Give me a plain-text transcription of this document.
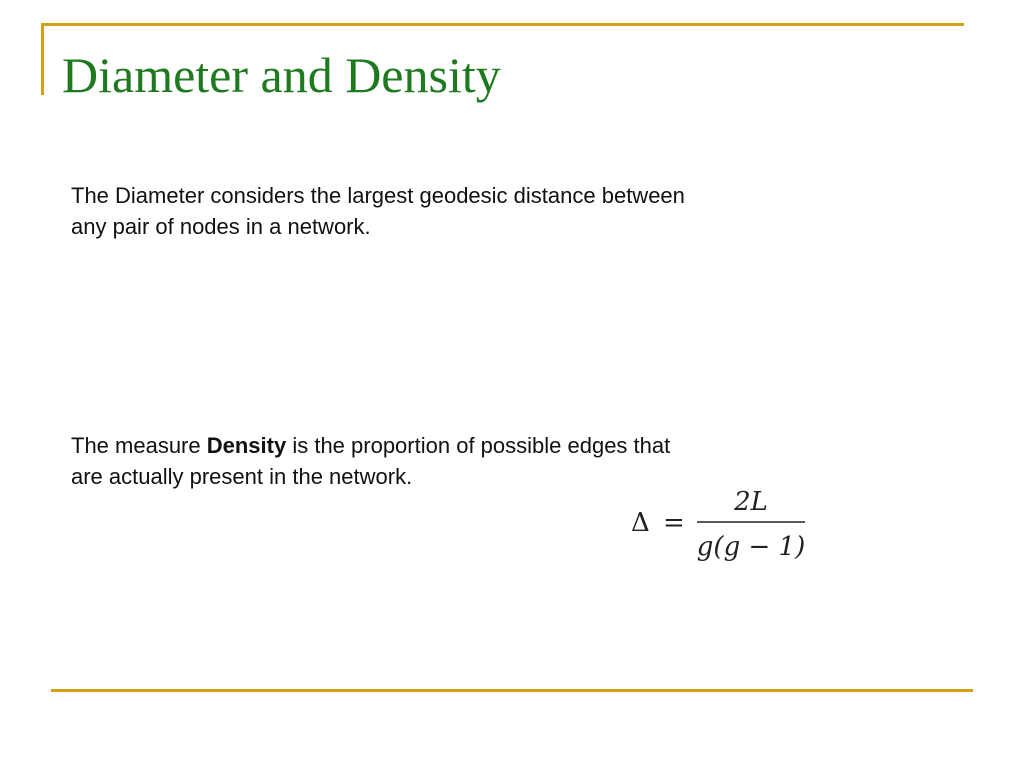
Diameter and Density

The Diameter considers the largest geodesic distance between any pair of nodes in a network.

The measure Density is the proportion of possible edges that are actually present in the network.

Δ =
2L
g(g − 1)
